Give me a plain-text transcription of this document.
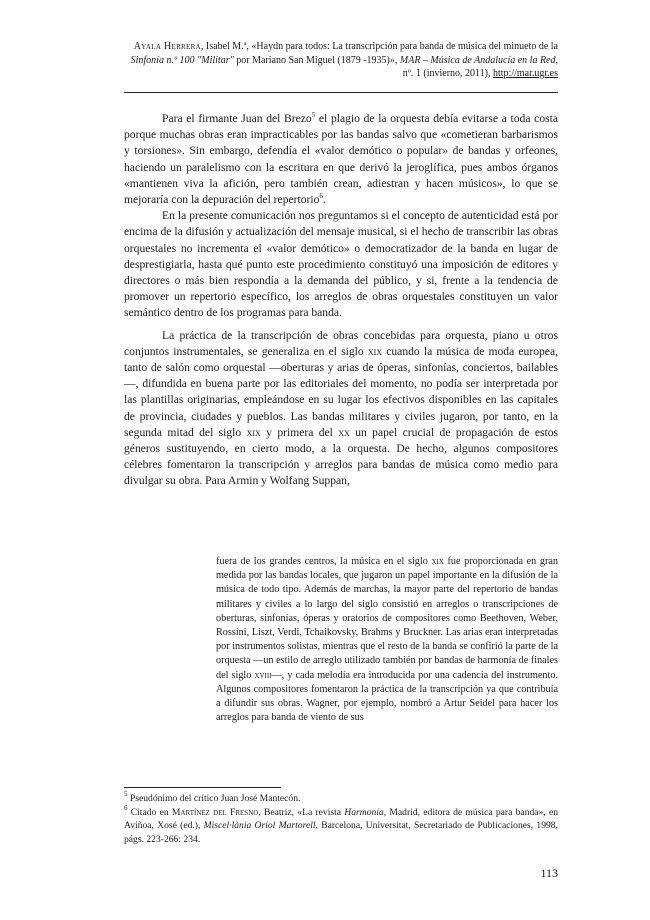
Ayala Herrera, Isabel M.ª, «Haydn para todos: La transcripción para banda de música del minueto de la Sinfonía n.º 100 "Militar" por Mariano San Miguel (1879 -1935)», MAR – Música de Andalucía en la Red, nº. 1 (invierno, 2011), http://mar.ugr.es

Para el firmante Juan del Brezo$^5$ el plagio de la orquesta debía evitarse a toda costa porque muchas obras eran impracticables por las bandas salvo que «cometieran barbarismos y torsiones». Sin embargo, defendía el «valor demótico o popular» de bandas y orfeones, haciendo un paralelismo con la escritura en que derivó la jeroglífica, pues ambos órganos «mantienen viva la afición, pero también crean, adiestran y hacen músicos», lo que se mejoraría con la depuración del repertorio$^6$.

En la presente comunicación nos preguntamos si el concepto de autenticidad está por encima de la difusión y actualización del mensaje musical, si el hecho de transcribir las obras orquestales no incrementa el «valor demótico» o democratizador de la banda en lugar de desprestigiarla, hasta qué punto este procedimiento constituyó una imposición de editores y directores o más bien respondía a la demanda del público, y si, frente a la tendencia de promover un repertorio específico, los arreglos de obras orquestales constituyen un valor semántico dentro de los programas para banda.

La práctica de la transcripción de obras concebidas para orquesta, piano u otros conjuntos instrumentales, se generaliza en el siglo xix cuando la música de moda europea, tanto de salón como orquestal —oberturas y arias de óperas, sinfonías, conciertos, bailables—, difundida en buena parte por las editoriales del momento, no podía ser interpretada por las plantillas originarias, empleándose en su lugar los efectivos disponibles en las capitales de provincia, ciudades y pueblos. Las bandas militares y civiles jugaron, por tanto, en la segunda mitad del siglo xix y primera del xx un papel crucial de propagación de estos géneros sustituyendo, en cierto modo, a la orquesta. De hecho, algunos compositores célebres fomentaron la transcripción y arreglos para bandas de música como medio para divulgar su obra. Para Armin y Wolfang Suppan,

fuera de los grandes centros, la música en el siglo xix fue proporcionada en gran medida por las bandas locales, que jugaron un papel importante en la difusión de la música de todo tipo. Además de marchas, la mayor parte del repertorio de bandas militares y civiles a lo largo del siglo consistió en arreglos o transcripciones de oberturas, sinfonías, óperas y oratorios de compositores como Beethoven, Weber, Rossini, Liszt, Verdi, Tchaikovsky, Brahms y Bruckner. Las arias eran interpretadas por instrumentos solistas, mientras que el resto de la banda se confirió la parte de la orquesta —un estilo de arreglo utilizado también por bandas de harmonía de finales del siglo xviii—, y cada melodía era introducida por una cadencia del instrumento. Algunos compositores fomentaron la práctica de la transcripción ya que contribuía a difundir sus obras. Wagner, por ejemplo, nombró a Artur Seidel para hacer los arreglos para banda de viento de sus

$^5$ Pseudónimo del crítico Juan José Mantecón.

$^6$ Citado en Martínez del Fresno, Beatriz, «La revista Harmonía, Madrid, editora de música para banda», en Aviñoa, Xosé (ed.), Miscel·lània Oriol Martorell, Barcelona, Universitat, Secretariado de Publicaciones, 1998, págs. 223-266: 234.

113
